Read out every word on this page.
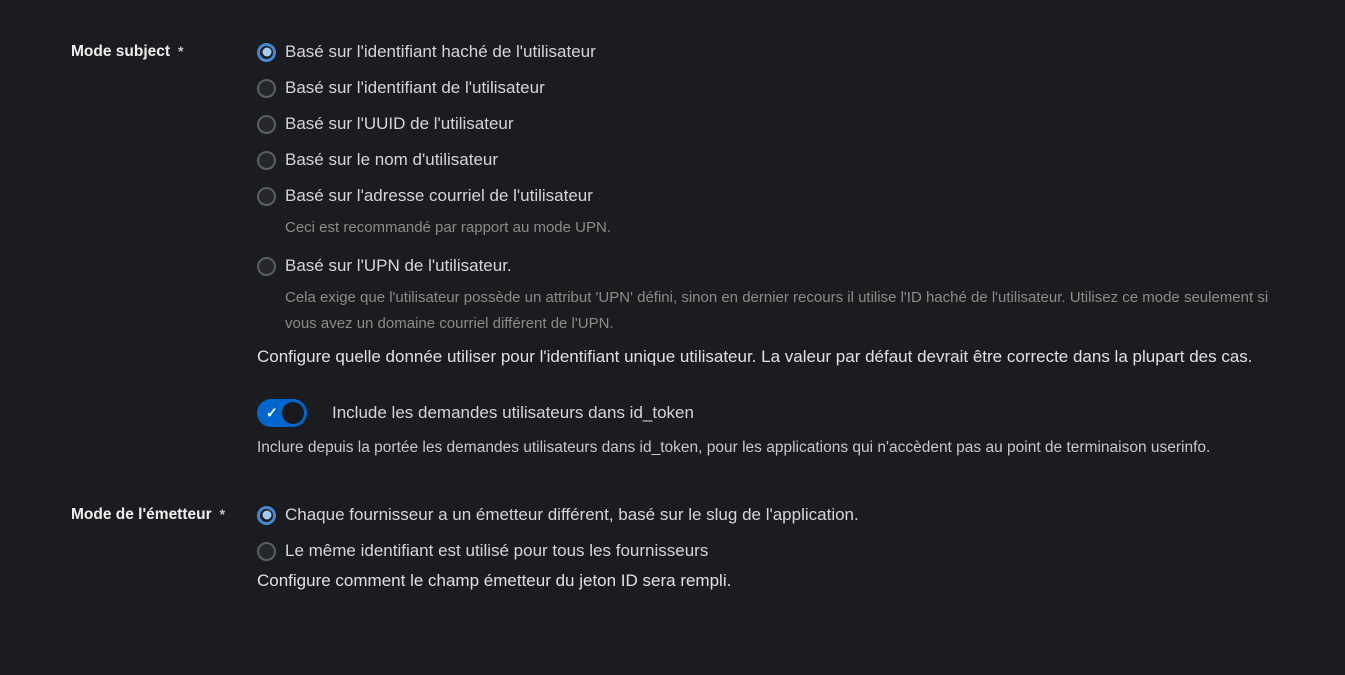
Mode subject *	Basé sur l'identifiant haché de l'utilisateur
Basé sur l'identifiant de l'utilisateur
Basé sur l'UUID de l'utilisateur
Basé sur le nom d'utilisateur
Basé sur l'adresse courriel de l'utilisateur
Ceci est recommandé par rapport au mode UPN.
Basé sur l'UPN de l'utilisateur.
Cela exige que l'utilisateur possède un attribut 'UPN' défini, sinon en dernier recours il utilise l'ID haché de l'utilisateur. Utilisez ce mode seulement si vous avez un domaine courriel différent de l'UPN.
Configure quelle donnée utiliser pour l'identifiant unique utilisateur. La valeur par défaut devrait être correcte dans la plupart des cas.
✓	Include les demandes utilisateurs dans id_token
Inclure depuis la portée les demandes utilisateurs dans id_token, pour les applications qui n'accèdent pas au point de terminaison userinfo.
Mode de l'émetteur *	Chaque fournisseur a un émetteur différent, basé sur le slug de l'application.
Le même identifiant est utilisé pour tous les fournisseurs
Configure comment le champ émetteur du jeton ID sera rempli.
